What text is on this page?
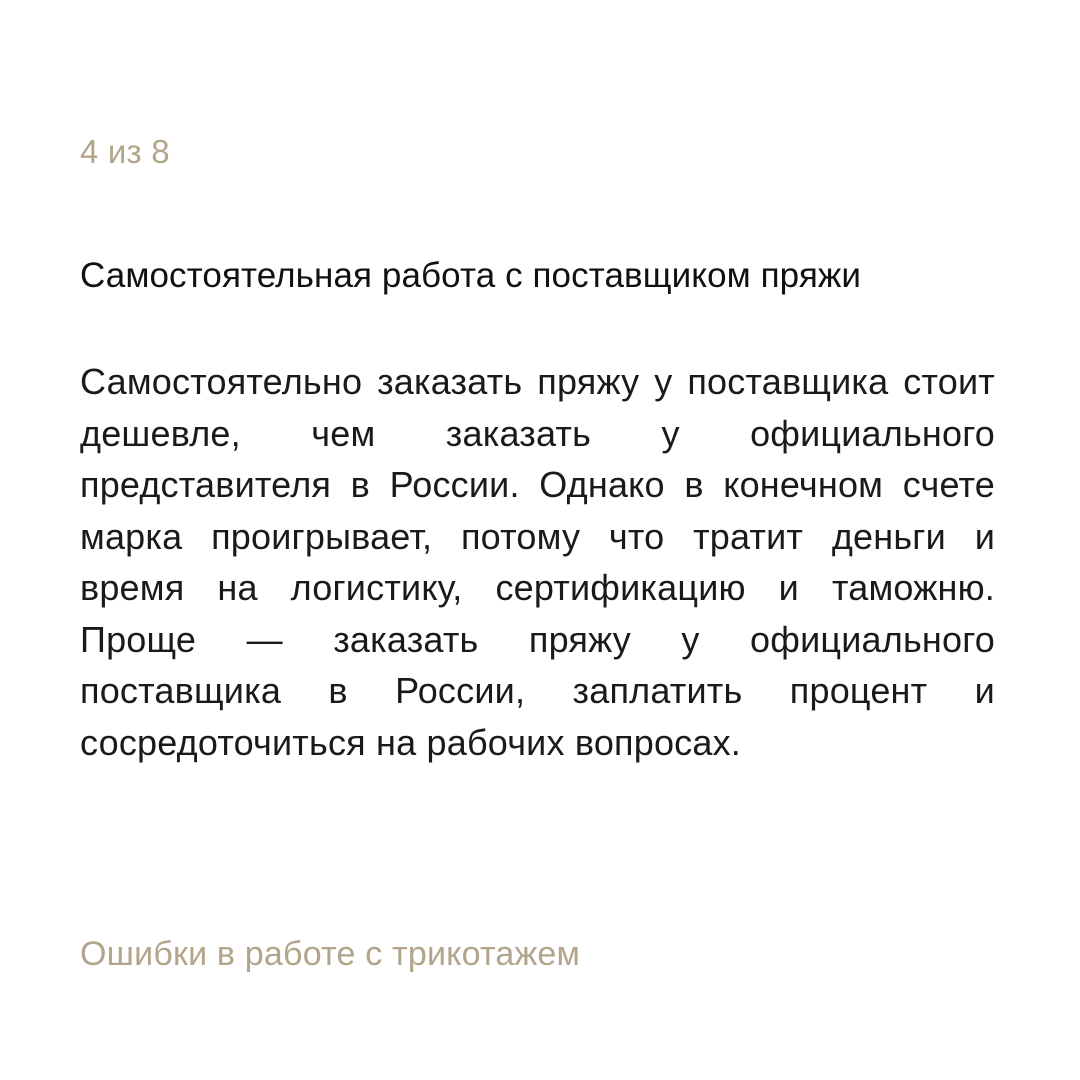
4 из 8
Самостоятельная работа с поставщиком пряжи
Самостоятельно заказать пряжу у поставщика стоит дешевле, чем заказать у официального представителя в России. Однако в конечном счете марка проигрывает, потому что тратит деньги и время на логистику, сертификацию и таможню. Проще — заказать пряжу у официального поставщика в России, заплатить процент и сосредоточиться на рабочих вопросах.
Ошибки в работе с трикотажем
